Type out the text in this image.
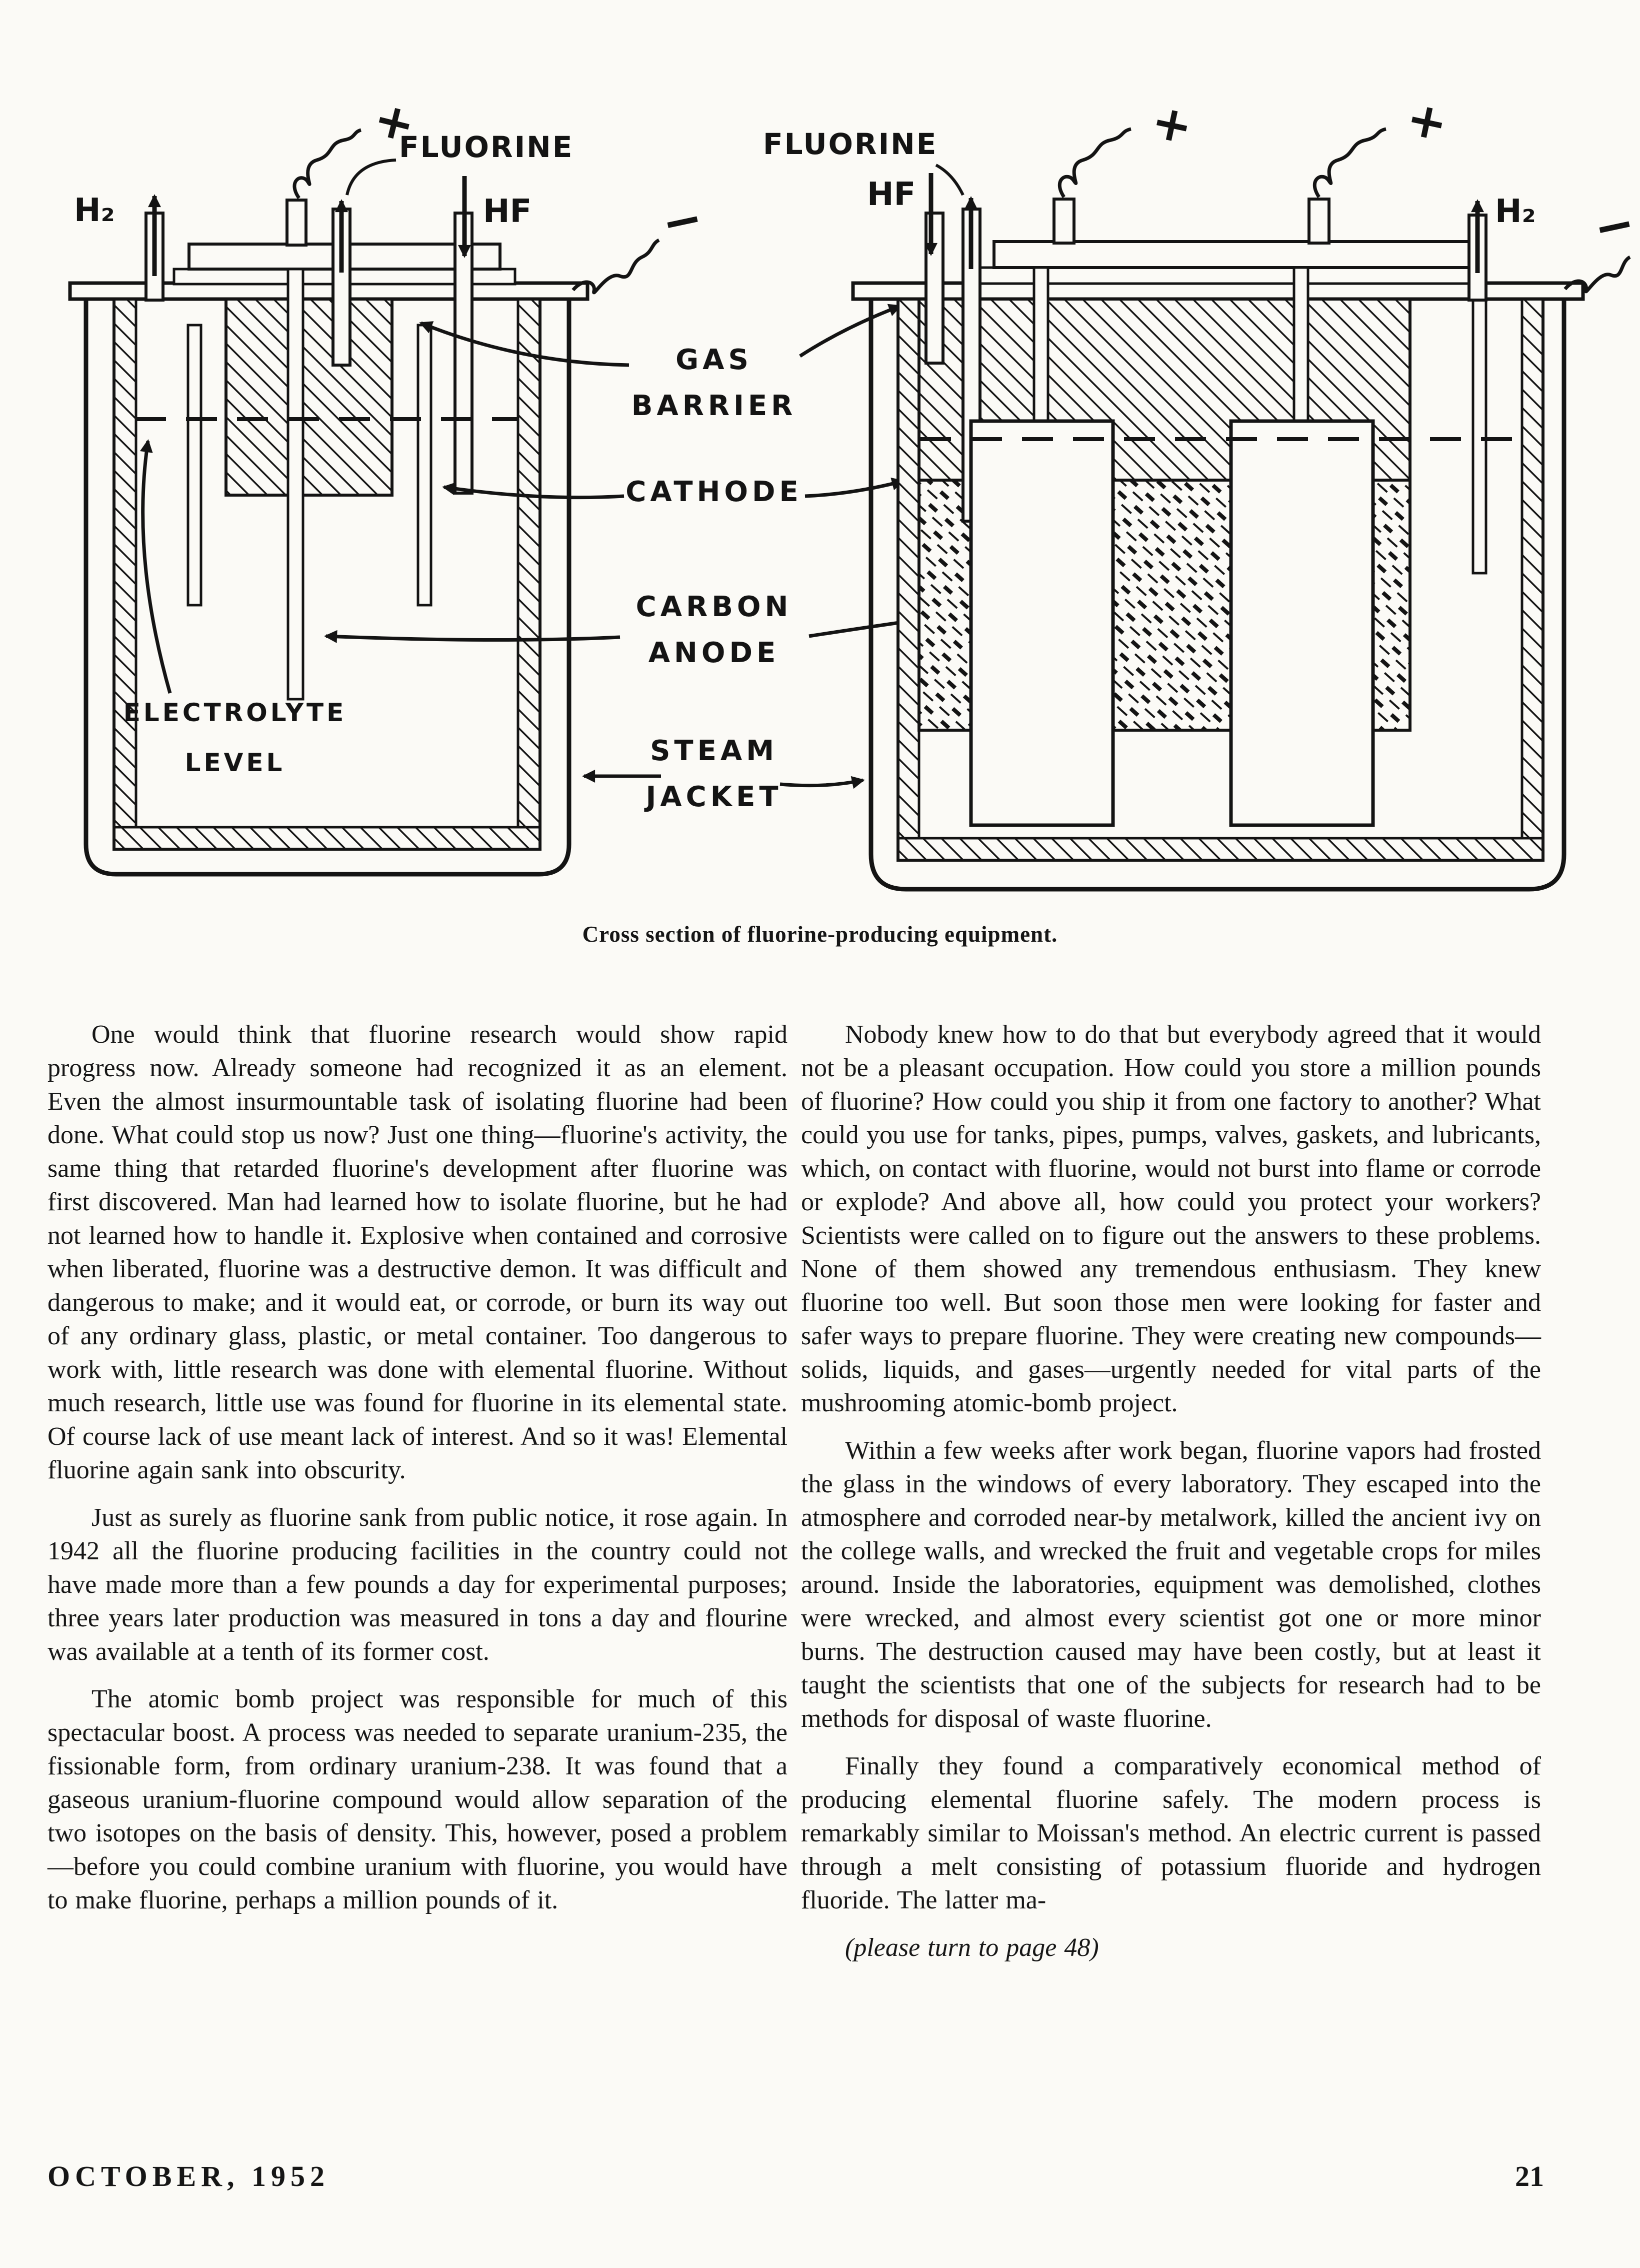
H₂
FLUORINE
HF
+
−
ELECTROLYTE
LEVEL
GAS
BARRIER
CATHODE
CARBON
ANODE
STEAM
JACKET
FLUORINE
HF	H₂
+	+
−
Cross section of fluorine-producing equipment.

One would think that fluorine research would show rapid progress now. Already someone had recognized it as an element. Even the almost insurmountable task of isolating fluorine had been done. What could stop us now? Just one thing—fluorine's activity, the same thing that retarded fluorine's development after fluorine was first discovered. Man had learned how to isolate fluorine, but he had not learned how to handle it. Explosive when contained and corrosive when liberated, fluorine was a destructive demon. It was difficult and dangerous to make; and it would eat, or corrode, or burn its way out of any ordinary glass, plastic, or metal container. Too dangerous to work with, little research was done with elemental fluorine. Without much research, little use was found for fluorine in its elemental state. Of course lack of use meant lack of interest. And so it was! Elemental fluorine again sank into obscurity.

Just as surely as fluorine sank from public notice, it rose again. In 1942 all the fluorine producing facilities in the country could not have made more than a few pounds a day for experimental purposes; three years later production was measured in tons a day and flourine was available at a tenth of its former cost.

The atomic bomb project was responsible for much of this spectacular boost. A process was needed to separate uranium-235, the fissionable form, from ordinary uranium-238. It was found that a gaseous uranium-fluorine compound would allow separation of the two isotopes on the basis of density. This, however, posed a problem—before you could combine uranium with fluorine, you would have to make fluorine, perhaps a million pounds of it.

Nobody knew how to do that but everybody agreed that it would not be a pleasant occupation. How could you store a million pounds of fluorine? How could you ship it from one factory to another? What could you use for tanks, pipes, pumps, valves, gaskets, and lubricants, which, on contact with fluorine, would not burst into flame or corrode or explode? And above all, how could you protect your workers? Scientists were called on to figure out the answers to these problems. None of them showed any tremendous enthusiasm. They knew fluorine too well. But soon those men were looking for faster and safer ways to prepare fluorine. They were creating new compounds—solids, liquids, and gases—urgently needed for vital parts of the mushrooming atomic-bomb project.

Within a few weeks after work began, fluorine vapors had frosted the glass in the windows of every laboratory. They escaped into the atmosphere and corroded near-by metalwork, killed the ancient ivy on the college walls, and wrecked the fruit and vegetable crops for miles around. Inside the laboratories, equipment was demolished, clothes were wrecked, and almost every scientist got one or more minor burns. The destruction caused may have been costly, but at least it taught the scientists that one of the subjects for research had to be methods for disposal of waste fluorine.

Finally they found a comparatively economical method of producing elemental fluorine safely. The modern process is remarkably similar to Moissan's method. An electric current is passed through a melt consisting of potassium fluoride and hydrogen fluoride. The latter ma-

(please turn to page 48)

OCTOBER, 1952	21
